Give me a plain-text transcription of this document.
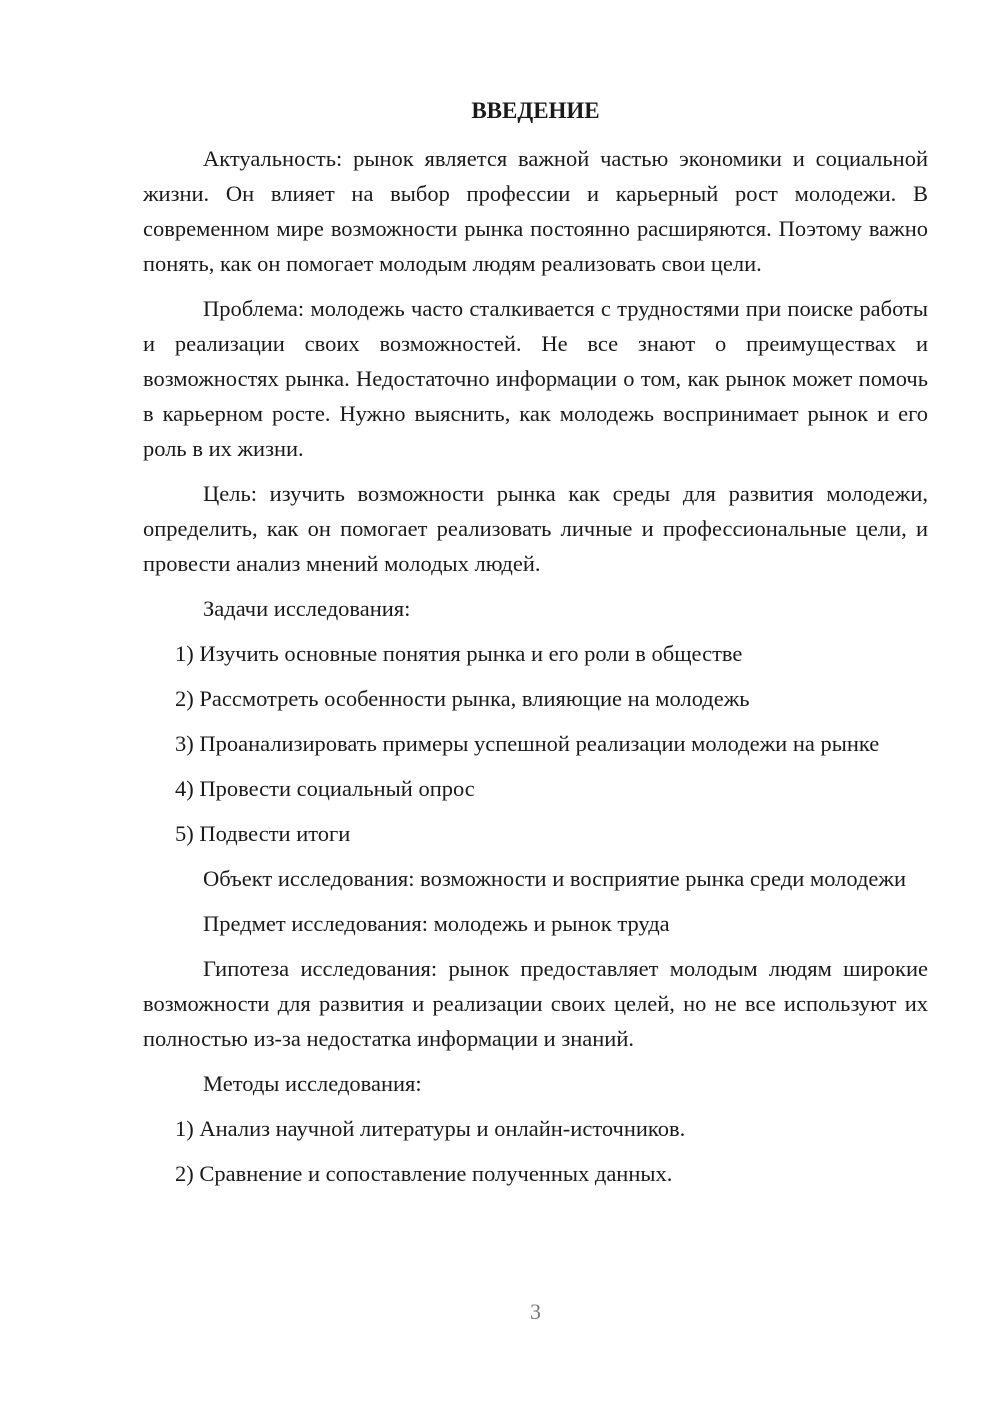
ВВЕДЕНИЕ

Актуальность: рынок является важной частью экономики и социальной жизни. Он влияет на выбор профессии и карьерный рост молодежи. В современном мире возможности рынка постоянно расширяются. Поэтому важно понять, как он помогает молодым людям реализовать свои цели.

Проблема: молодежь часто сталкивается с трудностями при поиске работы и реализации своих возможностей. Не все знают о преимуществах и возможностях рынка. Недостаточно информации о том, как рынок может помочь в карьерном росте. Нужно выяснить, как молодежь воспринимает рынок и его роль в их жизни.

Цель: изучить возможности рынка как среды для развития молодежи, определить, как он помогает реализовать личные и профессиональные цели, и провести анализ мнений молодых людей.

Задачи исследования:

1) Изучить основные понятия рынка и его роли в обществе

2) Рассмотреть особенности рынка, влияющие на молодежь

3) Проанализировать примеры успешной реализации молодежи на рынке

4) Провести социальный опрос

5) Подвести итоги

Объект исследования: возможности и восприятие рынка среди молодежи

Предмет исследования: молодежь и рынок труда

Гипотеза исследования: рынок предоставляет молодым людям широкие возможности для развития и реализации своих целей, но не все используют их полностью из-за недостатка информации и знаний.

Методы исследования:

1) Анализ научной литературы и онлайн-источников.

2) Сравнение и сопоставление полученных данных.

3
